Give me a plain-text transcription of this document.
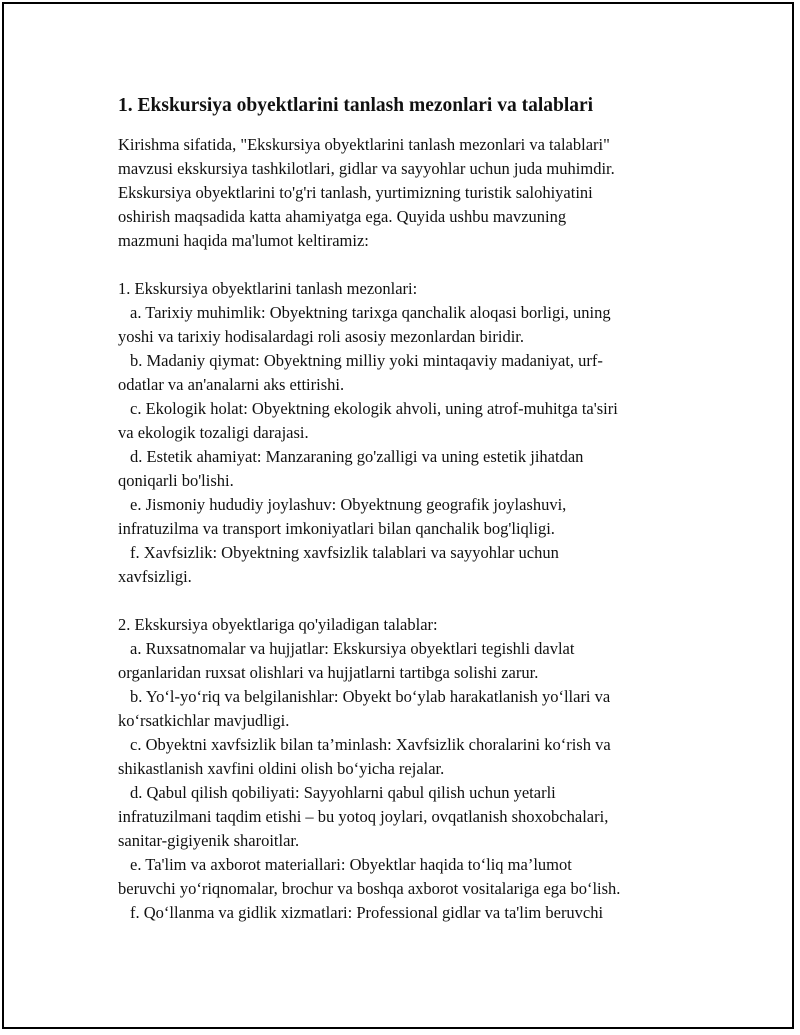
1. Ekskursiya obyektlarini tanlash mezonlari va talablari
Kirishma sifatida, "Ekskursiya obyektlarini tanlash mezonlari va talablari"
mavzusi ekskursiya tashkilotlari, gidlar va sayyohlar uchun juda muhimdir.
Ekskursiya obyektlarini to'g'ri tanlash, yurtimizning turistik salohiyatini
oshirish maqsadida katta ahamiyatga ega. Quyida ushbu mavzuning
mazmuni haqida ma'lumot keltiramiz:
1. Ekskursiya obyektlarini tanlash mezonlari:
a. Tarixiy muhimlik: Obyektning tarixga qanchalik aloqasi borligi, uning
yoshi va tarixiy hodisalardagi roli asosiy mezonlardan biridir.
b. Madaniy qiymat: Obyektning milliy yoki mintaqaviy madaniyat, urf-
odatlar va an'analarni aks ettirishi.
c. Ekologik holat: Obyektning ekologik ahvoli, uning atrof-muhitga ta'siri
va ekologik tozaligi darajasi.
d. Estetik ahamiyat: Manzaraning go'zalligi va uning estetik jihatdan
qoniqarli bo'lishi.
e. Jismoniy hududiy joylashuv: Obyektnung geografik joylashuvi,
infratuzilma va transport imkoniyatlari bilan qanchalik bog'liqligi.
f. Xavfsizlik: Obyektning xavfsizlik talablari va sayyohlar uchun
xavfsizligi.
2. Ekskursiya obyektlariga qo'yiladigan talablar:
a. Ruxsatnomalar va hujjatlar: Ekskursiya obyektlari tegishli davlat
organlaridan ruxsat olishlari va hujjatlarni tartibga solishi zarur.
b. Yo‘l-yo‘riq va belgilanishlar: Obyekt bo‘ylab harakatlanish yo‘llari va
ko‘rsatkichlar mavjudligi.
c. Obyektni xavfsizlik bilan ta’minlash: Xavfsizlik choralarini ko‘rish va
shikastlanish xavfini oldini olish bo‘yicha rejalar.
d. Qabul qilish qobiliyati: Sayyohlarni qabul qilish uchun yetarli
infratuzilmani taqdim etishi – bu yotoq joylari, ovqatlanish shoxobchalari,
sanitar-gigiyenik sharoitlar.
e. Ta'lim va axborot materiallari: Obyektlar haqida to‘liq ma’lumot
beruvchi yo‘riqnomalar, brochur va boshqa axborot vositalariga ega bo‘lish.
f. Qo‘llanma va gidlik xizmatlari: Professional gidlar va ta'lim beruvchi
